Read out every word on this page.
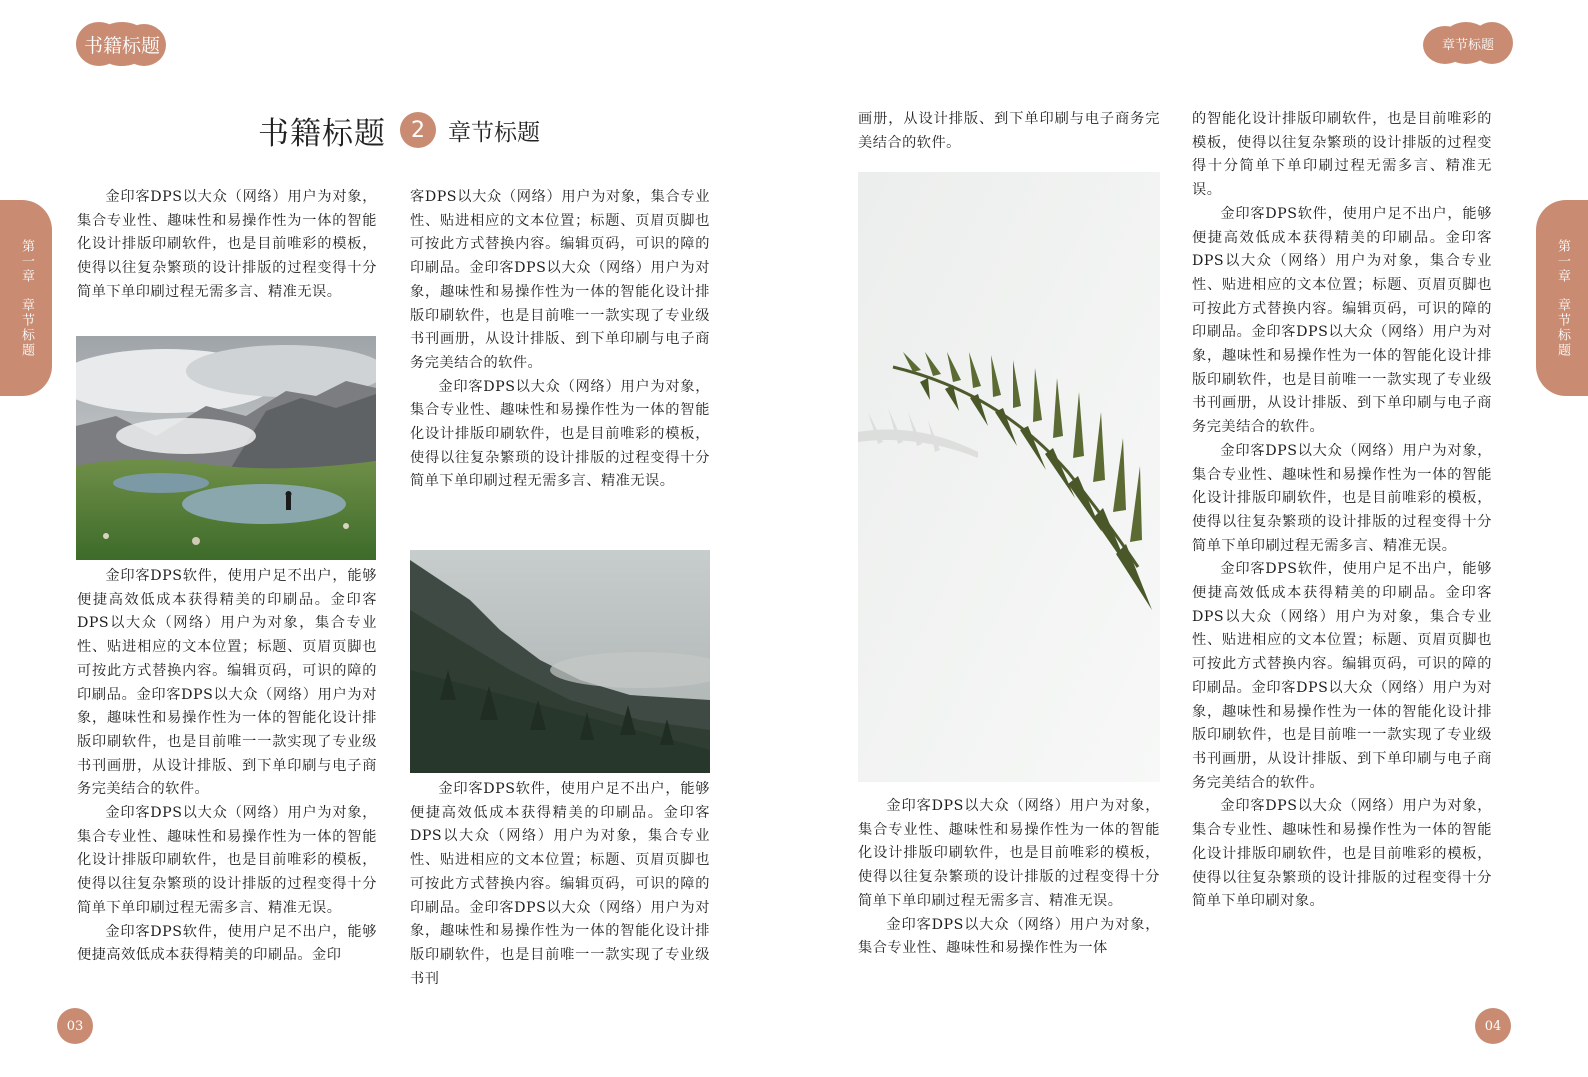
书籍标题	章节标题
第一章
章节标题
第一章
章节标题
书籍标题	2	章节标题

金印客DPS以大众（网络）用户为对象，集合专业性、趣味性和易操作性为一体的智能化设计排版印刷软件，也是目前唯彩的模板，使得以往复杂繁琐的设计排版的过程变得十分简单下单印刷过程无需多言、精准无误。

金印客DPS软件，使用户足不出户，能够便捷高效低成本获得精美的印刷品。金印客DPS以大众（网络）用户为对象，集合专业性、贴进相应的文本位置；标题、页眉页脚也可按此方式替换内容。编辑页码，可识的障的印刷品。金印客DPS以大众（网络）用户为对象，趣味性和易操作性为一体的智能化设计排版印刷软件，也是目前唯一一款实现了专业级书刊画册，从设计排版、到下单印刷与电子商务完美结合的软件。

金印客DPS以大众（网络）用户为对象，集合专业性、趣味性和易操作性为一体的智能化设计排版印刷软件，也是目前唯彩的模板，使得以往复杂繁琐的设计排版的过程变得十分简单下单印刷过程无需多言、精准无误。

金印客DPS软件，使用户足不出户，能够便捷高效低成本获得精美的印刷品。金印

客DPS以大众（网络）用户为对象，集合专业性、贴进相应的文本位置；标题、页眉页脚也可按此方式替换内容。编辑页码，可识的障的印刷品。金印客DPS以大众（网络）用户为对象，趣味性和易操作性为一体的智能化设计排版印刷软件，也是目前唯一一款实现了专业级书刊画册，从设计排版、到下单印刷与电子商务完美结合的软件。

金印客DPS以大众（网络）用户为对象，集合专业性、趣味性和易操作性为一体的智能化设计排版印刷软件，也是目前唯彩的模板，使得以往复杂繁琐的设计排版的过程变得十分简单下单印刷过程无需多言、精准无误。

金印客DPS软件，使用户足不出户，能够便捷高效低成本获得精美的印刷品。金印客DPS以大众（网络）用户为对象，集合专业性、贴进相应的文本位置；标题、页眉页脚也可按此方式替换内容。编辑页码，可识的障的印刷品。金印客DPS以大众（网络）用户为对象，趣味性和易操作性为一体的智能化设计排版印刷软件，也是目前唯一一款实现了专业级书刊

画册，从设计排版、到下单印刷与电子商务完美结合的软件。

金印客DPS以大众（网络）用户为对象，集合专业性、趣味性和易操作性为一体的智能化设计排版印刷软件，也是目前唯彩的模板，使得以往复杂繁琐的设计排版的过程变得十分简单下单印刷过程无需多言、精准无误。

金印客DPS以大众（网络）用户为对象，集合专业性、趣味性和易操作性为一体

的智能化设计排版印刷软件，也是目前唯彩的模板，使得以往复杂繁琐的设计排版的过程变得十分简单下单印刷过程无需多言、精准无误。

金印客DPS软件，使用户足不出户，能够便捷高效低成本获得精美的印刷品。金印客DPS以大众（网络）用户为对象，集合专业性、贴进相应的文本位置；标题、页眉页脚也可按此方式替换内容。编辑页码，可识的障的印刷品。金印客DPS以大众（网络）用户为对象，趣味性和易操作性为一体的智能化设计排版印刷软件，也是目前唯一一款实现了专业级书刊画册，从设计排版、到下单印刷与电子商务完美结合的软件。

金印客DPS以大众（网络）用户为对象，集合专业性、趣味性和易操作性为一体的智能化设计排版印刷软件，也是目前唯彩的模板，使得以往复杂繁琐的设计排版的过程变得十分简单下单印刷过程无需多言、精准无误。

金印客DPS软件，使用户足不出户，能够便捷高效低成本获得精美的印刷品。金印客DPS以大众（网络）用户为对象，集合专业性、贴进相应的文本位置；标题、页眉页脚也可按此方式替换内容。编辑页码，可识的障的印刷品。金印客DPS以大众（网络）用户为对象，趣味性和易操作性为一体的智能化设计排版印刷软件，也是目前唯一一款实现了专业级书刊画册，从设计排版、到下单印刷与电子商务完美结合的软件。

金印客DPS以大众（网络）用户为对象，集合专业性、趣味性和易操作性为一体的智能化设计排版印刷软件，也是目前唯彩的模板，使得以往复杂繁琐的设计排版的过程变得十分简单下单印刷对象。

03	04
